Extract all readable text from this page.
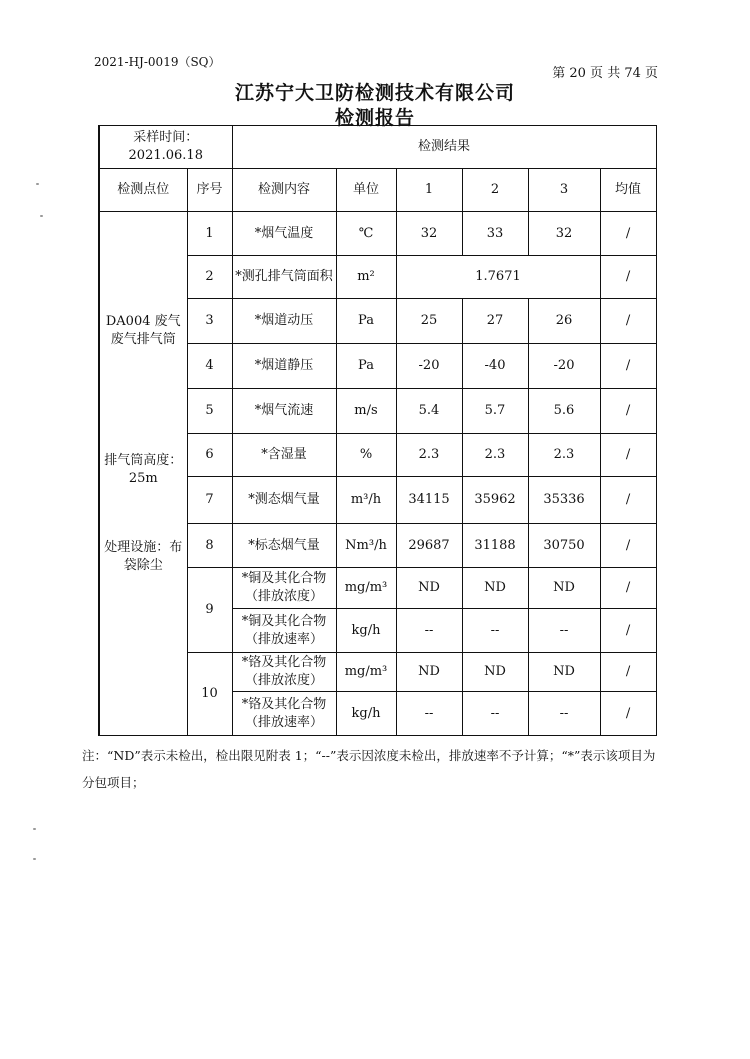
2021-HJ-0019（SQ）
第 20 页 共 74 页
江苏宁大卫防检测技术有限公司
检测报告
采样时间：
2021.06.18		检测结果					
检测点位	序号	检测内容	单位	1	2	3	均值

DA004 废气废气排气筒
排气筒高度：25m
处理设施：布袋除尘	1	*烟气温度	℃	32	33	32	/
	2	*测孔排气筒面积	m²	1.7671			/
	3	*烟道动压	Pa	25	27	26	/
	4	*烟道静压	Pa	-20	-40	-20	/
	5	*烟气流速	m/s	5.4	5.7	5.6	/
	6	*含湿量	%	2.3	2.3	2.3	/
	7	*测态烟气量	m³/h	34115	35962	35336	/
	8	*标态烟气量	Nm³/h	29687	31188	30750	/
	9	*铜及其化合物（排放浓度）	mg/m³	ND	ND	ND	/
		*铜及其化合物（排放速率）	kg/h	--	--	--	/
	10	*铬及其化合物（排放浓度）	mg/m³	ND	ND	ND	/
		*铬及其化合物（排放速率）	kg/h	--	--	--	/
注：“ND”表示未检出，检出限见附表 1；“--”表示因浓度未检出，排放速率不予计算；“*”表示该项目为分包项目；
